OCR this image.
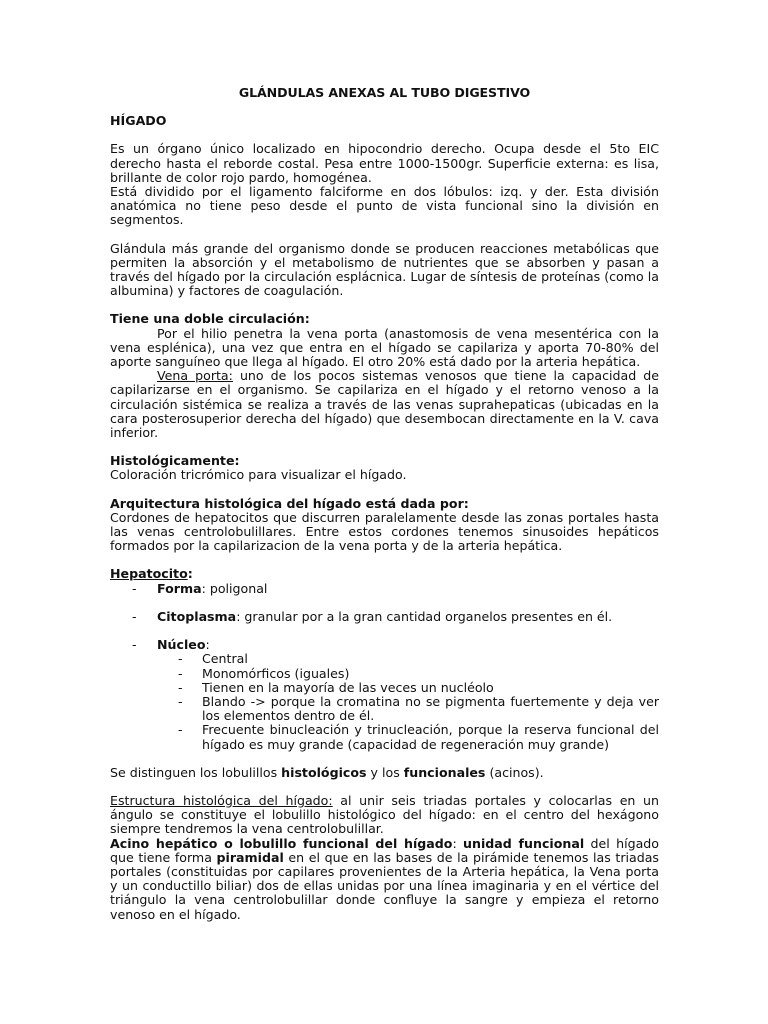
GLÁNDULAS ANEXAS AL TUBO DIGESTIVO
HÍGADO

Es un órgano único localizado en hipocondrio derecho. Ocupa desde el 5to EIC derecho hasta el reborde costal. Pesa entre 1000-1500gr. Superficie externa: es lisa, brillante de color rojo pardo, homogénea.

Está dividido por el ligamento falciforme en dos lóbulos: izq. y der. Esta división anatómica no tiene peso desde el punto de vista funcional sino la división en segmentos.

Glándula más grande del organismo donde se producen reacciones metabólicas que permiten la absorción y el metabolismo de nutrientes que se absorben y pasan a través del hígado por la circulación esplácnica. Lugar de síntesis de proteínas (como la albumina) y factores de coagulación.

Tiene una doble circulación:

Por el hilio penetra la vena porta (anastomosis de vena mesentérica con la vena esplénica), una vez que entra en el hígado se capilariza y aporta 70-80% del aporte sanguíneo que llega al hígado. El otro 20% está dado por la arteria hepática.

Vena porta: uno de los pocos sistemas venosos que tiene la capacidad de capilarizarse en el organismo. Se capilariza en el hígado y el retorno venoso a la circulación sistémica se realiza a través de las venas suprahepaticas (ubicadas en la cara posterosuperior derecha del hígado) que desembocan directamente en la V. cava inferior.

Histológicamente:

Coloración tricrómico para visualizar el hígado.

Arquitectura histológica del hígado está dada por:

Cordones de hepatocitos que discurren paralelamente desde las zonas portales hasta las venas centrolobulillares. Entre estos cordones tenemos sinusoides hepáticos formados por la capilarizacion de la vena porta y de la arteria hepática.

Hepatocito:
- Forma: poligonal
- Citoplasma: granular por a la gran cantidad organelos presentes en él.
- Núcleo:
- Central
- Monomórficos (iguales)
- Tienen en la mayoría de las veces un nucléolo
- Blando -> porque la cromatina no se pigmenta fuertemente y deja ver los elementos dentro de él.
- Frecuente binucleación y trinucleación, porque la reserva funcional del hígado es muy grande (capacidad de regeneración muy grande)

Se distinguen los lobulillos histológicos y los funcionales (acinos).

Estructura histológica del hígado: al unir seis triadas portales y colocarlas en un ángulo se constituye el lobulillo histológico del hígado: en el centro del hexágono siempre tendremos la vena centrolobulillar.

Acino hepático o lobulillo funcional del hígado: unidad funcional del hígado que tiene forma piramidal en el que en las bases de la pirámide tenemos las triadas portales (constituidas por capilares provenientes de la Arteria hepática, la Vena porta y un conductillo biliar) dos de ellas unidas por una línea imaginaria y en el vértice del triángulo la vena centrolobulillar donde confluye la sangre y empieza el retorno venoso en el hígado.
